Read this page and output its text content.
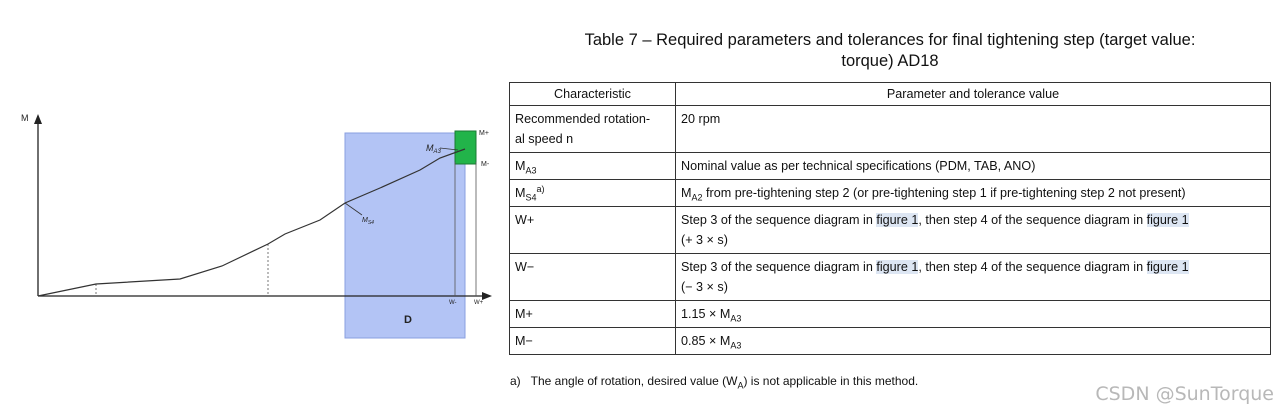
M
D
$M_{A3}$
M+
M-
$M_{S4}$
W-	W+
Table 7 – Required parameters and tolerances for final tightening step (target value:
torque) AD18
Characteristic	Parameter and tolerance value
Recommended rotation-
al speed n	20 rpm
$M_{A3}$	Nominal value as per technical specifications (PDM, TAB, ANO)
$M_{S4}^{a)}$	$M_{A2}$ from pre-tightening step 2 (or pre-tightening step 1 if pre-tightening step 2 not present)
W+	Step 3 of the sequence diagram in figure 1, then step 4 of the sequence diagram in figure 1
(+ 3 × s)
W−	Step 3 of the sequence diagram in figure 1, then step 4 of the sequence diagram in figure 1
(− 3 × s)
M+	$1.15 \times M_{A3}$
M−	$0.85 \times M_{A3}$
a) The angle of rotation, desired value $(W_A)$ is not applicable in this method.
CSDN @SunTorque
